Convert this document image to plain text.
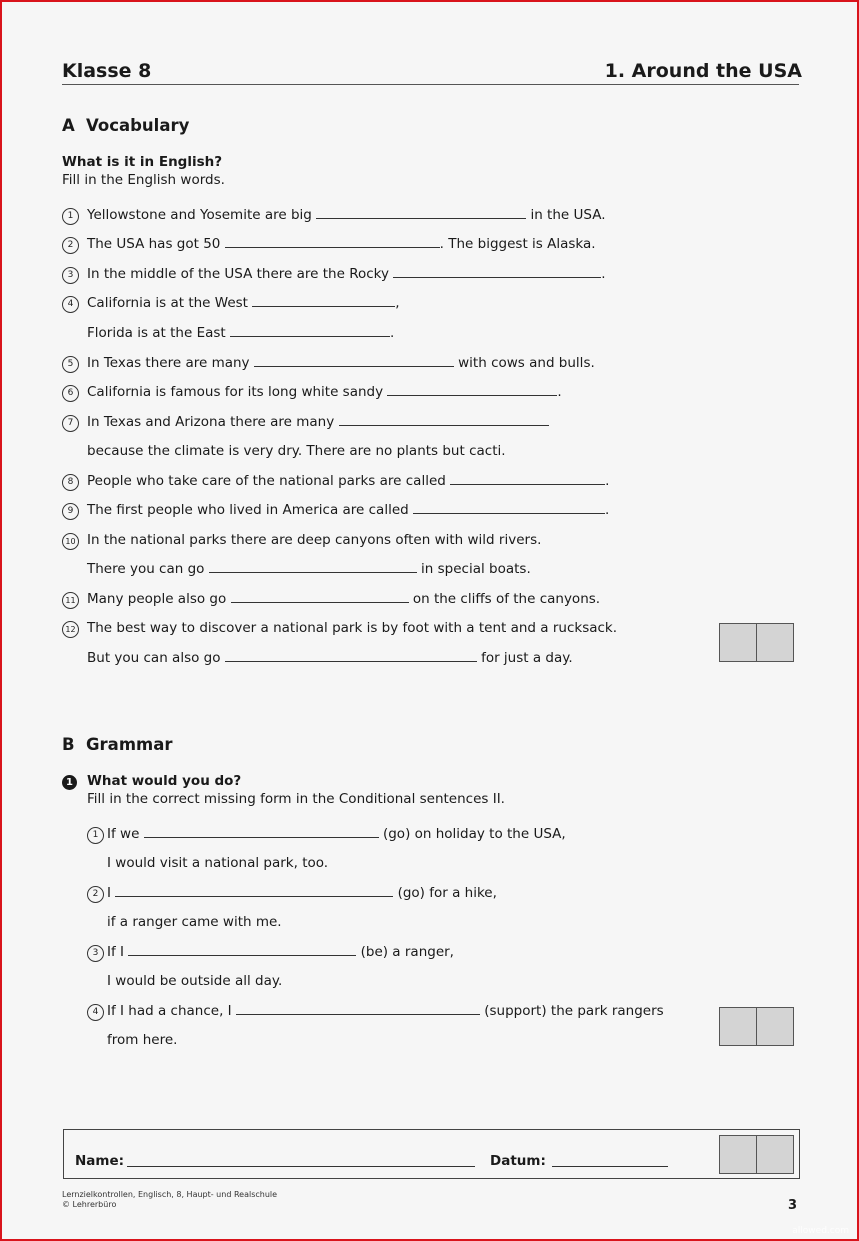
Klasse 8	1. Around the USA
A Vocabulary
What is it in English?
Fill in the English words.
1	Yellowstone and Yosemite are big	in the USA.
2	The USA has got 50	. The biggest is Alaska.
3	In the middle of the USA there are the Rocky	.
4	California is at the West	,
Florida is at the East	.
5	In Texas there are many	with cows and bulls.
6	California is famous for its long white sandy	.
7	In Texas and Arizona there are many
because the climate is very dry. There are no plants but cacti.
8	People who take care of the national parks are called	.
9	The first people who lived in America are called	.
10 In the national parks there are deep canyons often with wild rivers.
There you can go	in special boats.
11 Many people also go	on the cliffs of the canyons.
12 The best way to discover a national park is by foot with a tent and a rucksack.
But you can also go	for just a day.
B Grammar
1 What would you do?
Fill in the correct missing form in the Conditional sentences II.
1 If we	(go) on holiday to the USA,
I would visit a national park, too.
2 I	(go) for a hike,
if a ranger came with me.
3 If I	(be) a ranger,
I would be outside all day.
4 If I had a chance, I	(support) the park rangers
from here.
Name:	Datum:
Lernzielkontrollen, Englisch, 8, Haupt- und Realschule
© Lehrerbüro	3
allowed.com
